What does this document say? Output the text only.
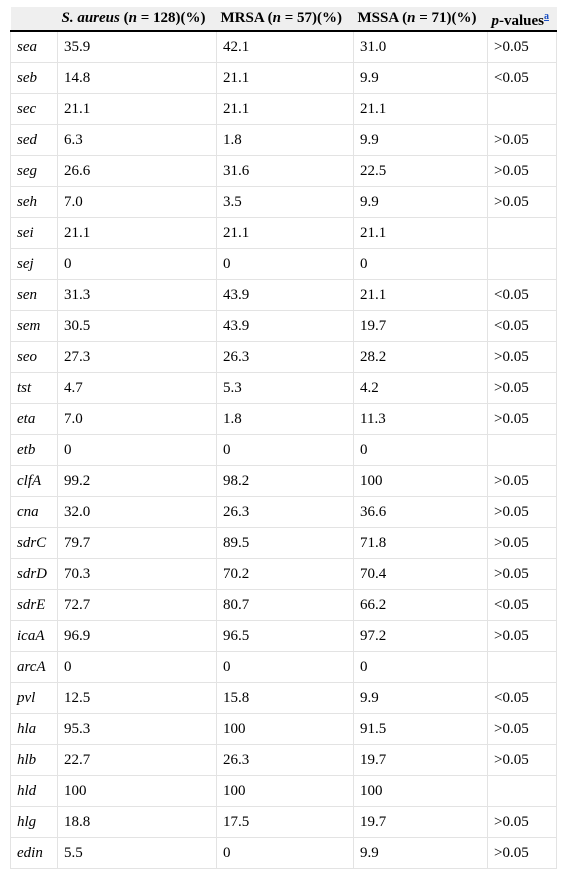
	S. aureus (n = 128)(%)	MRSA (n = 57)(%)	MSSA (n = 71)(%)	p-values$^a$
sea	35.9	42.1	31.0	>0.05
seb	14.8	21.1	9.9	<0.05
sec	21.1	21.1	21.1	
sed	6.3	1.8	9.9	>0.05
seg	26.6	31.6	22.5	>0.05
seh	7.0	3.5	9.9	>0.05
sei	21.1	21.1	21.1	
sej	0	0	0	
sen	31.3	43.9	21.1	<0.05
sem	30.5	43.9	19.7	<0.05
seo	27.3	26.3	28.2	>0.05
tst	4.7	5.3	4.2	>0.05
eta	7.0	1.8	11.3	>0.05
etb	0	0	0	
clfA	99.2	98.2	100	>0.05
cna	32.0	26.3	36.6	>0.05
sdrC	79.7	89.5	71.8	>0.05
sdrD	70.3	70.2	70.4	>0.05
sdrE	72.7	80.7	66.2	<0.05
icaA	96.9	96.5	97.2	>0.05
arcA	0	0	0	
pvl	12.5	15.8	9.9	<0.05
hla	95.3	100	91.5	>0.05
hlb	22.7	26.3	19.7	>0.05
hld	100	100	100	
hlg	18.8	17.5	19.7	>0.05
edin	5.5	0	9.9	>0.05
